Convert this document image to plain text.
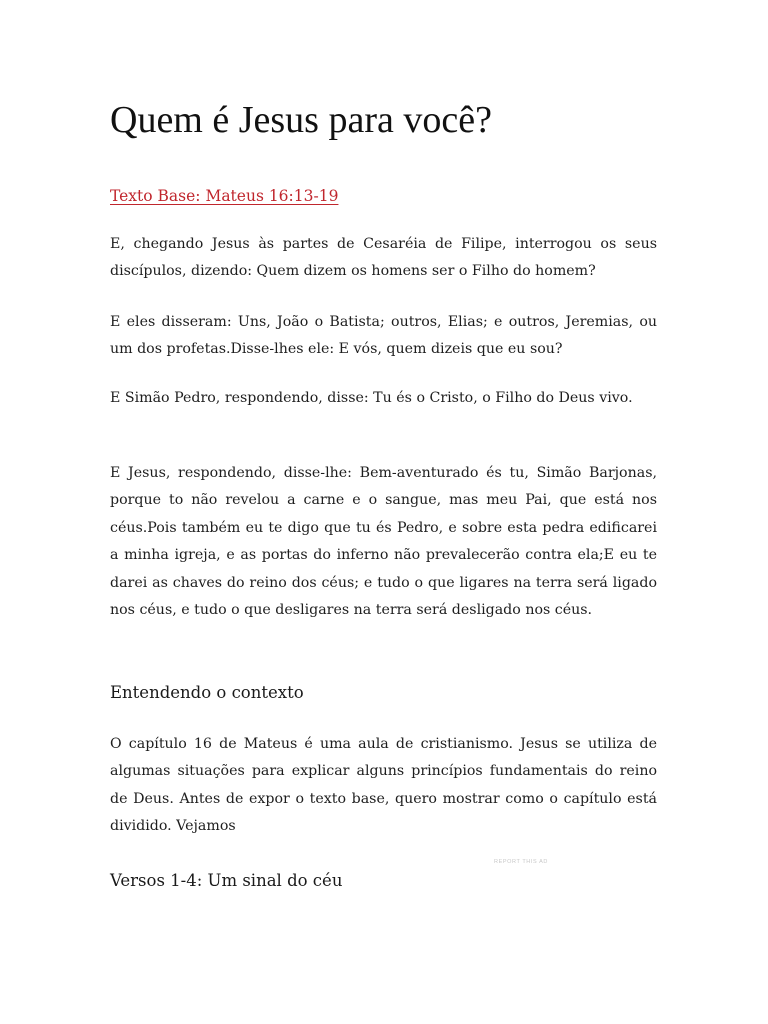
Quem é Jesus para você?
Texto Base: Mateus 16:13-19

E, chegando Jesus às partes de Cesaréia de Filipe, interrogou os seus discípulos, dizendo: Quem dizem os homens ser o Filho do homem?

E eles disseram: Uns, João o Batista; outros, Elias; e outros, Jeremias, ou um dos profetas.Disse-lhes ele: E vós, quem dizeis que eu sou?

E Simão Pedro, respondendo, disse: Tu és o Cristo, o Filho do Deus vivo.

E Jesus, respondendo, disse-lhe: Bem-aventurado és tu, Simão Barjonas, porque to não revelou a carne e o sangue, mas meu Pai, que está nos céus.Pois também eu te digo que tu és Pedro, e sobre esta pedra edificarei a minha igreja, e as portas do inferno não prevalecerão contra ela;E eu te darei as chaves do reino dos céus; e tudo o que ligares na terra será ligado nos céus, e tudo o que desligares na terra será desligado nos céus.

Entendendo o contexto

O capítulo 16 de Mateus é uma aula de cristianismo. Jesus se utiliza de algumas situações para explicar alguns princípios fundamentais do reino de Deus. Antes de expor o texto base, quero mostrar como o capítulo está dividido. Vejamos

Versos 1-4: Um sinal do céu
REPORT THIS AD
